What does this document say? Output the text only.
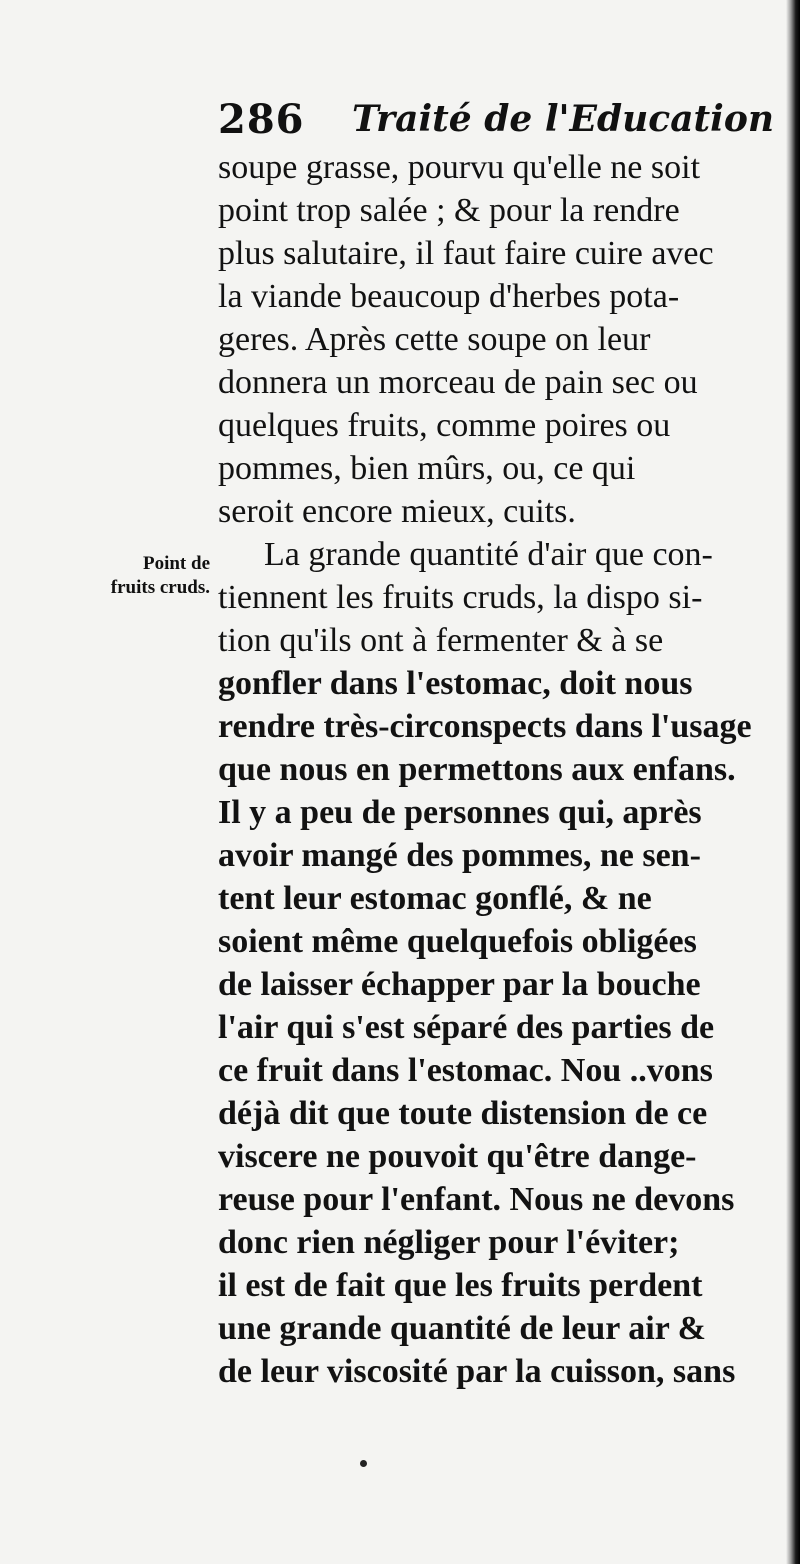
286 Traité de l'Education
Point de
fruits cruds.
soupe grasse, pourvu qu'elle ne soit
point trop salée ; & pour la rendre
plus salutaire, il faut faire cuire avec
la viande beaucoup d'herbes pota-
geres. Après cette soupe on leur
donnera un morceau de pain sec ou
quelques fruits, comme poires ou
pommes, bien mûrs, ou, ce qui
seroit encore mieux, cuits.
La grande quantité d'air que con-
tiennent les fruits cruds, la dispo si-
tion qu'ils ont à fermenter & à se
gonfler dans l'estomac, doit nous
rendre très-circonspects dans l'usage
que nous en permettons aux enfans.
Il y a peu de personnes qui, après
avoir mangé des pommes, ne sen-
tent leur estomac gonflé, & ne
soient même quelquefois obligées
de laisser échapper par la bouche
l'air qui s'est séparé des parties de
ce fruit dans l'estomac. Nou ..vons
déjà dit que toute distension de ce
viscere ne pouvoit qu'être dange-
reuse pour l'enfant. Nous ne devons
donc rien négliger pour l'éviter;
il est de fait que les fruits perdent
une grande quantité de leur air &
de leur viscosité par la cuisson, sans
